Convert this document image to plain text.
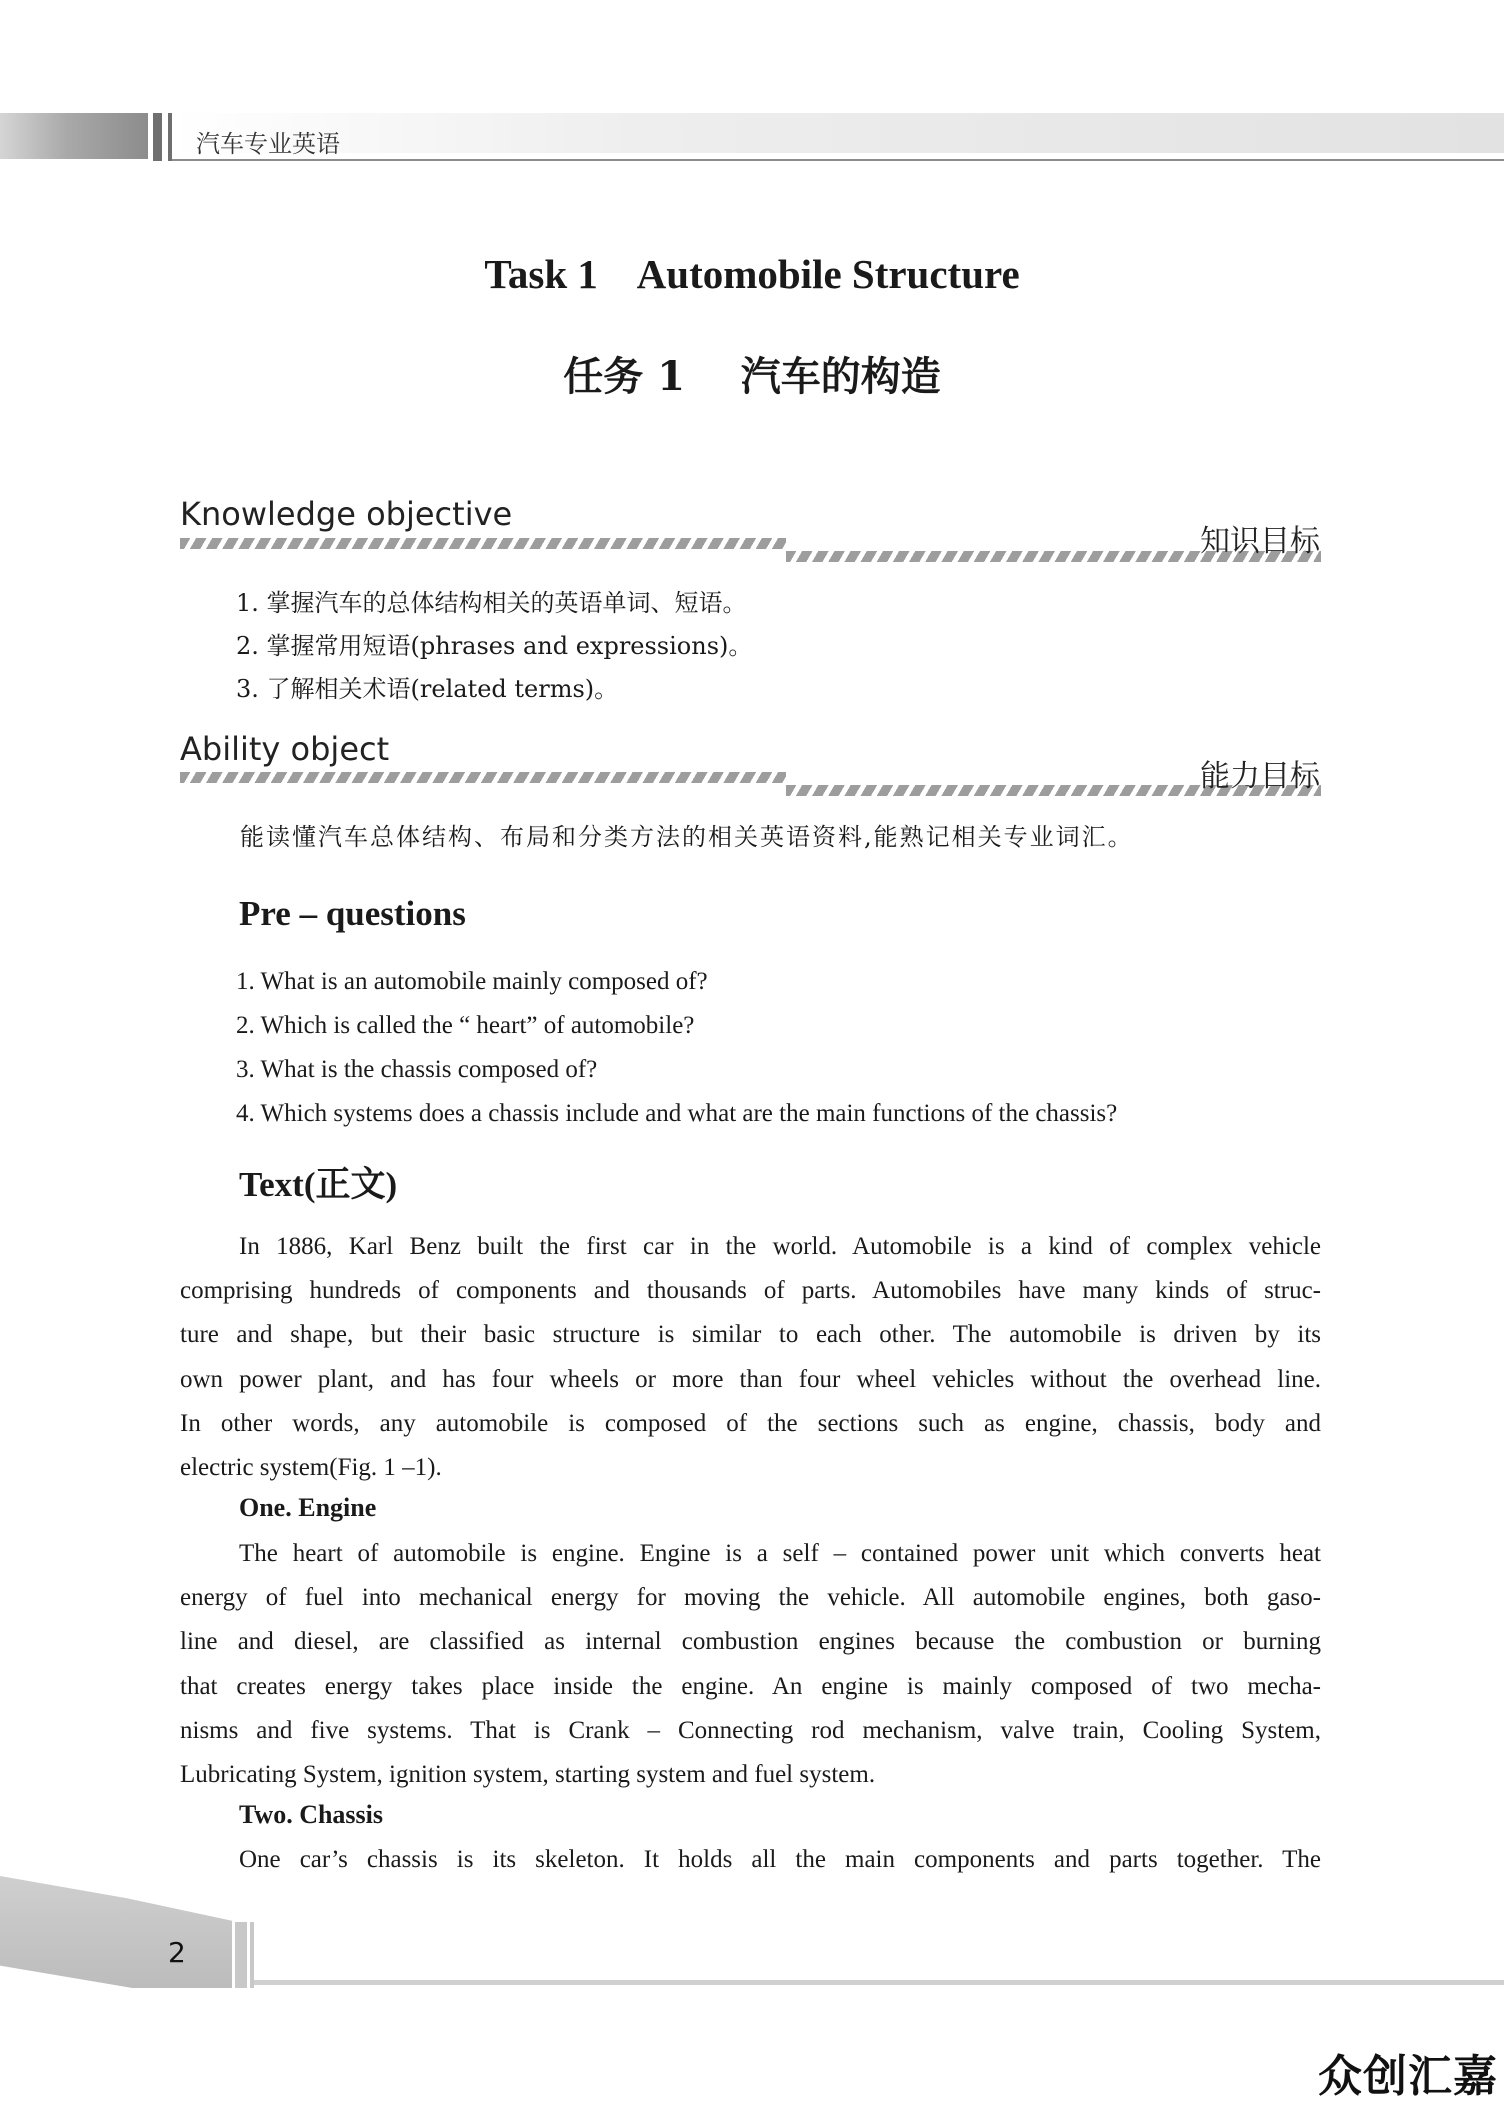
汽车专业英语
Task 1    Automobile Structure
任务 1    汽车的构造
Knowledge objective
知识目标
1. 掌握汽车的总体结构相关的英语单词、短语。
2. 掌握常用短语(phrases and expressions)。
3. 了解相关术语(related terms)。
Ability object
能力目标
能读懂汽车总体结构、布局和分类方法的相关英语资料,能熟记相关专业词汇。
Pre – questions
1. What is an automobile mainly composed of?
2. Which is called the “ heart” of automobile?
3. What is the chassis composed of?
4. Which systems does a chassis include and what are the main functions of the chassis?
Text(正文)

In 1886, Karl Benz built the first car in the world. Automobile is a kind of complex vehicle

comprising hundreds of components and thousands of parts. Automobiles have many kinds of struc-

ture and shape, but their basic structure is similar to each other. The automobile is driven by its

own power plant, and has four wheels or more than four wheel vehicles without the overhead line.

In other words, any automobile is composed of the sections such as engine, chassis, body and

electric system(Fig. 1 –1).

One. Engine

The heart of automobile is engine. Engine is a self – contained power unit which converts heat

energy of fuel into mechanical energy for moving the vehicle. All automobile engines, both gaso-

line and diesel, are classified as internal combustion engines because the combustion or burning

that creates energy takes place inside the engine. An engine is mainly composed of two mecha-

nisms and five systems. That is Crank – Connecting rod mechanism, valve train, Cooling System,

Lubricating System, ignition system, starting system and fuel system.

Two. Chassis

One car’s chassis is its skeleton. It holds all the main components and parts together. The

2
众创汇嘉
